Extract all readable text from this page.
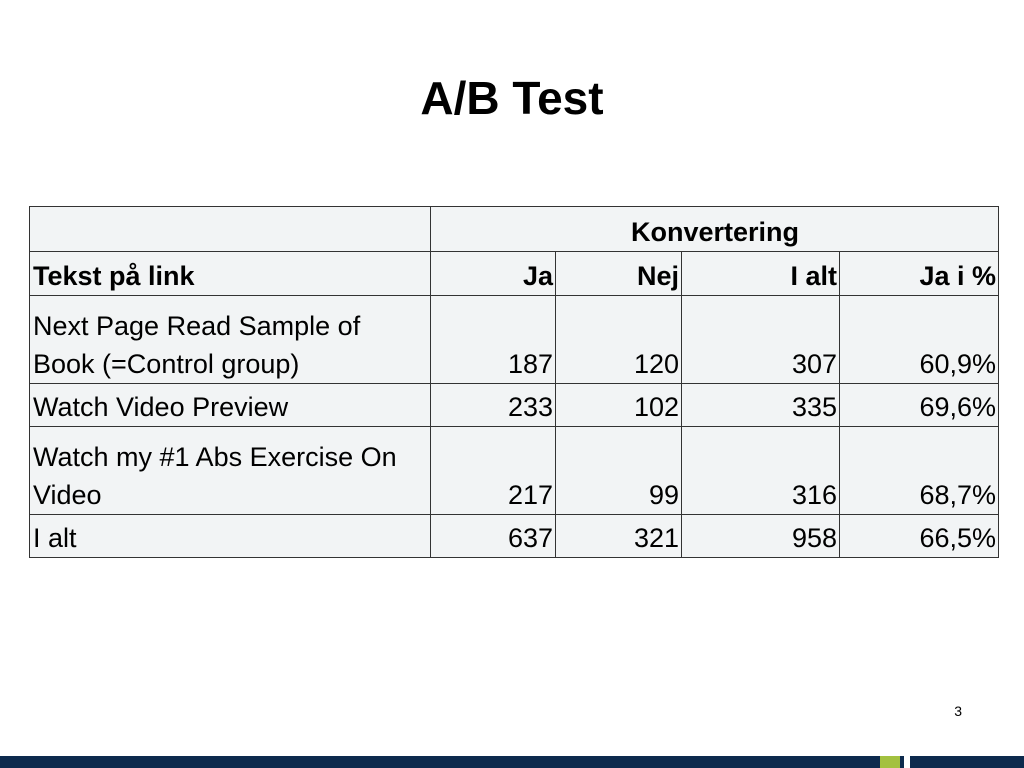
A/B Test
	Konvertering			
Tekst på link	Ja	Nej	I alt	Ja i %
Next Page Read Sample of Book (=Control group)	187	120	307	60,9%
Watch Video Preview	233	102	335	69,6%
Watch my #1 Abs Exercise On Video	217	99	316	68,7%
I alt	637	321	958	66,5%
3
